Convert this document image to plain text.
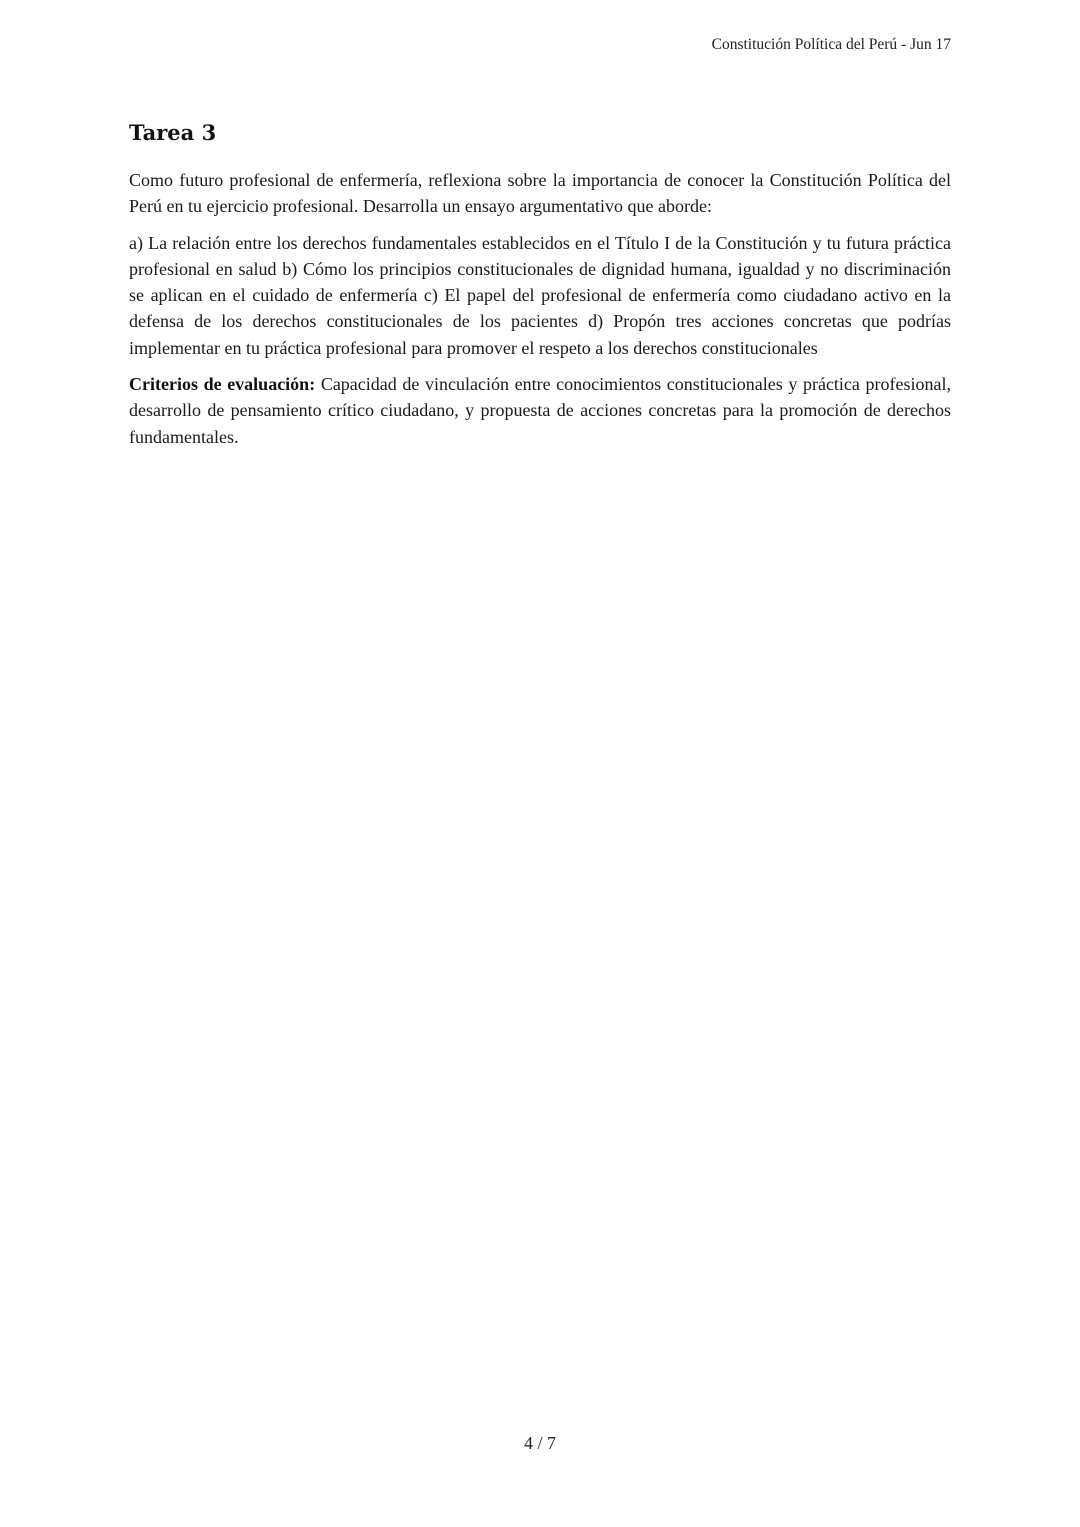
Constitución Política del Perú - Jun 17
Tarea 3

Como futuro profesional de enfermería, reflexiona sobre la importancia de conocer la Constitución Política del Perú en tu ejercicio profesional. Desarrolla un ensayo argumentativo que aborde:

a) La relación entre los derechos fundamentales establecidos en el Título I de la Constitución y tu futura práctica profesional en salud b) Cómo los principios constitucionales de dignidad humana, igualdad y no discriminación se aplican en el cuidado de enfermería c) El papel del profesional de enfermería como ciudadano activo en la defensa de los derechos constitucionales de los pacientes d) Propón tres acciones concretas que podrías implementar en tu práctica profesional para promover el respeto a los derechos constitucionales

Criterios de evaluación: Capacidad de vinculación entre conocimientos constitucionales y práctica profesional, desarrollo de pensamiento crítico ciudadano, y propuesta de acciones concretas para la promoción de derechos fundamentales.

4 / 7
